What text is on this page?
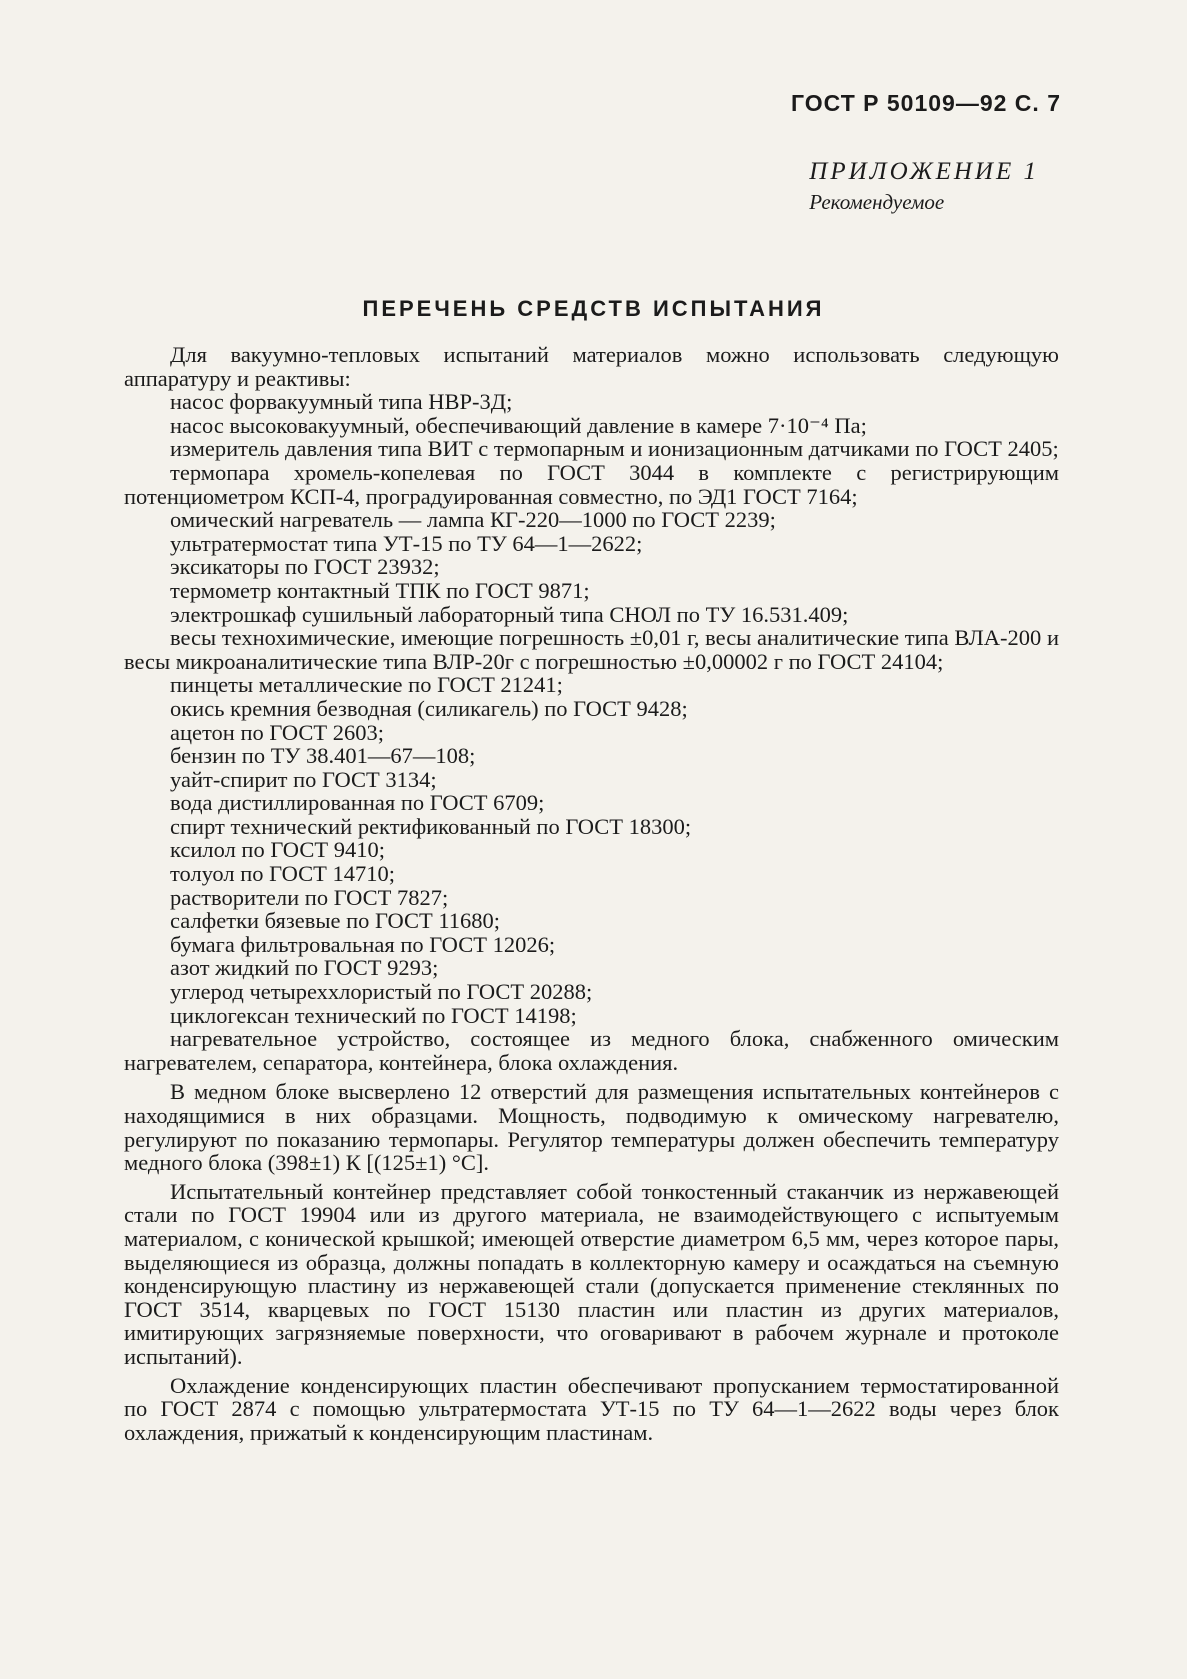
ГОСТ Р 50109—92 С. 7
ПРИЛОЖЕНИЕ 1
Рекомендуемое
ПЕРЕЧЕНЬ СРЕДСТВ ИСПЫТАНИЯ

Для вакуумно-тепловых испытаний материалов можно использовать следующую аппаратуру и реактивы:

насос форвакуумный типа НВР-3Д;
насос высоковакуумный, обеспечивающий давление в камере 7·10⁻⁴ Па;
измеритель давления типа ВИТ с термопарным и ионизационным датчиками по ГОСТ 2405;
термопара хромель-копелевая по ГОСТ 3044 в комплекте с регистрирующим потенциометром КСП-4, проградуированная совместно, по ЭД1 ГОСТ 7164;
омический нагреватель — лампа КГ-220—1000 по ГОСТ 2239;
ультратермостат типа УТ-15 по ТУ 64—1—2622;
эксикаторы по ГОСТ 23932;
термометр контактный ТПК по ГОСТ 9871;
электрошкаф сушильный лабораторный типа СНОЛ по ТУ 16.531.409;
весы технохимические, имеющие погрешность ±0,01 г, весы аналитические типа ВЛА-200 и весы микроаналитические типа ВЛР-20г с погрешностью ±0,00002 г по ГОСТ 24104;
пинцеты металлические по ГОСТ 21241;
окись кремния безводная (силикагель) по ГОСТ 9428;
ацетон по ГОСТ 2603;
бензин по ТУ 38.401—67—108;
уайт-спирит по ГОСТ 3134;
вода дистиллированная по ГОСТ 6709;
спирт технический ректификованный по ГОСТ 18300;
ксилол по ГОСТ 9410;
толуол по ГОСТ 14710;
растворители по ГОСТ 7827;
салфетки бязевые по ГОСТ 11680;
бумага фильтровальная по ГОСТ 12026;
азот жидкий по ГОСТ 9293;
углерод четыреххлористый по ГОСТ 20288;
циклогексан технический по ГОСТ 14198;
нагревательное устройство, состоящее из медного блока, снабженного омическим нагревателем, сепаратора, контейнера, блока охлаждения.

В медном блоке высверлено 12 отверстий для размещения испытательных контейнеров с находящимися в них образцами. Мощность, подводимую к омическому нагревателю, регулируют по показанию термопары. Регулятор температуры должен обеспечить температуру медного блока (398±1) К [(125±1) °C].

Испытательный контейнер представляет собой тонкостенный стаканчик из нержавеющей стали по ГОСТ 19904 или из другого материала, не взаимодействующего с испытуемым материалом, с конической крышкой; имеющей отверстие диаметром 6,5 мм, через которое пары, выделяющиеся из образца, должны попадать в коллекторную камеру и осаждаться на съемную конденсирующую пластину из нержавеющей стали (допускается применение стеклянных по ГОСТ 3514, кварцевых по ГОСТ 15130 пластин или пластин из других материалов, имитирующих загрязняемые поверхности, что оговаривают в рабочем журнале и протоколе испытаний).

Охлаждение конденсирующих пластин обеспечивают пропусканием термостатированной по ГОСТ 2874 с помощью ультратермостата УТ-15 по ТУ 64—1—2622 воды через блок охлаждения, прижатый к конденсирующим пластинам.
